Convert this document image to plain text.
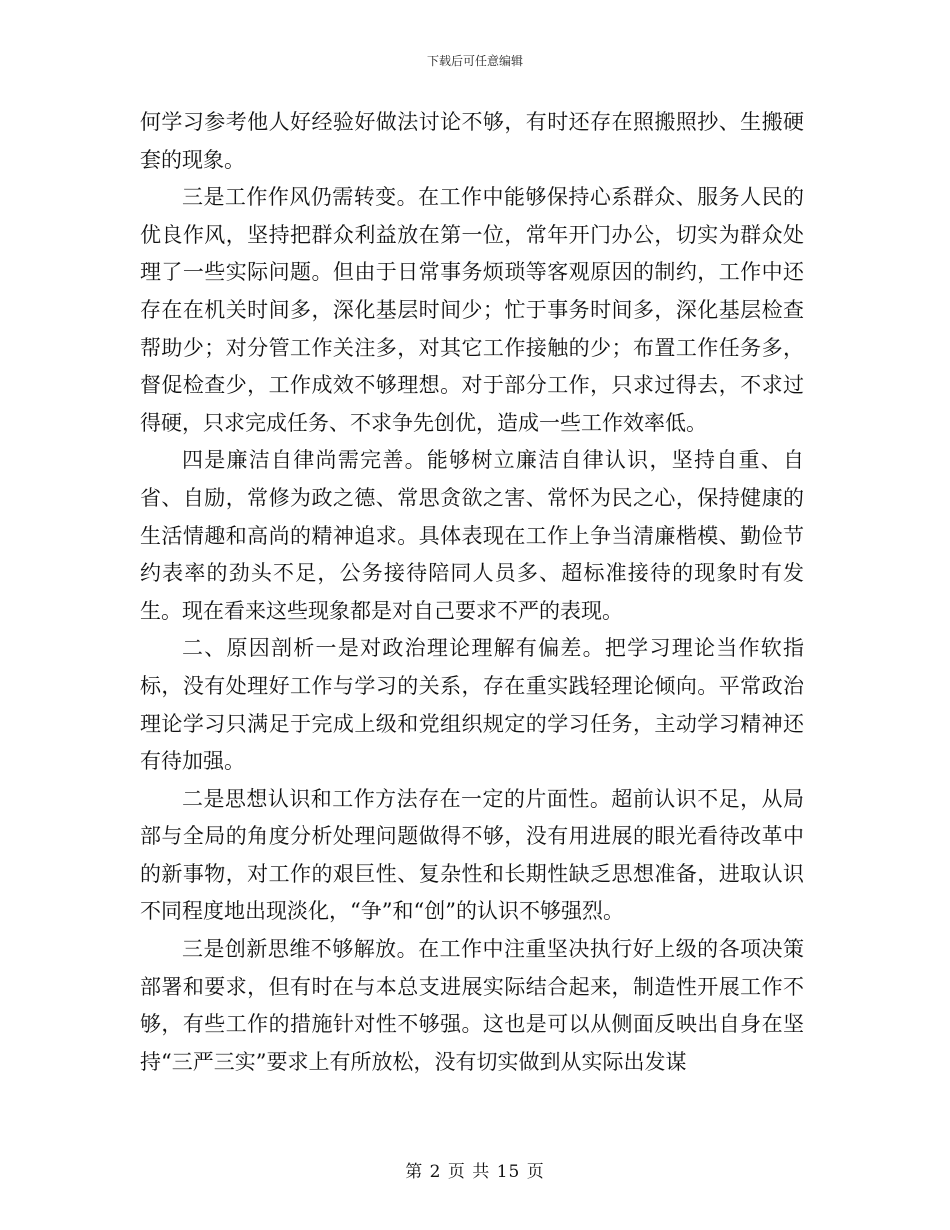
下载后可任意编辑

何学习参考他人好经验好做法讨论不够，有时还存在照搬照抄、生搬硬套的现象。

三是工作作风仍需转变。在工作中能够保持心系群众、服务人民的优良作风，坚持把群众利益放在第一位，常年开门办公，切实为群众处理了一些实际问题。但由于日常事务烦琐等客观原因的制约，工作中还存在在机关时间多，深化基层时间少；忙于事务时间多，深化基层检查帮助少；对分管工作关注多，对其它工作接触的少；布置工作任务多，督促检查少，工作成效不够理想。对于部分工作，只求过得去，不求过得硬，只求完成任务、不求争先创优，造成一些工作效率低。

四是廉洁自律尚需完善。能够树立廉洁自律认识，坚持自重、自省、自励，常修为政之德、常思贪欲之害、常怀为民之心，保持健康的生活情趣和高尚的精神追求。具体表现在工作上争当清廉楷模、勤俭节约表率的劲头不足，公务接待陪同人员多、超标准接待的现象时有发生。现在看来这些现象都是对自己要求不严的表现。

二、原因剖析一是对政治理论理解有偏差。把学习理论当作软指标，没有处理好工作与学习的关系，存在重实践轻理论倾向。平常政治理论学习只满足于完成上级和党组织规定的学习任务，主动学习精神还有待加强。

二是思想认识和工作方法存在一定的片面性。超前认识不足，从局部与全局的角度分析处理问题做得不够，没有用进展的眼光看待改革中的新事物，对工作的艰巨性、复杂性和长期性缺乏思想准备，进取认识不同程度地出现淡化，“争”和“创”的认识不够强烈。

三是创新思维不够解放。在工作中注重坚决执行好上级的各项决策部署和要求，但有时在与本总支进展实际结合起来，制造性开展工作不够，有些工作的措施针对性不够强。这也是可以从侧面反映出自身在坚持“三严三实”要求上有所放松，没有切实做到从实际出发谋

第 2 页 共 15 页
